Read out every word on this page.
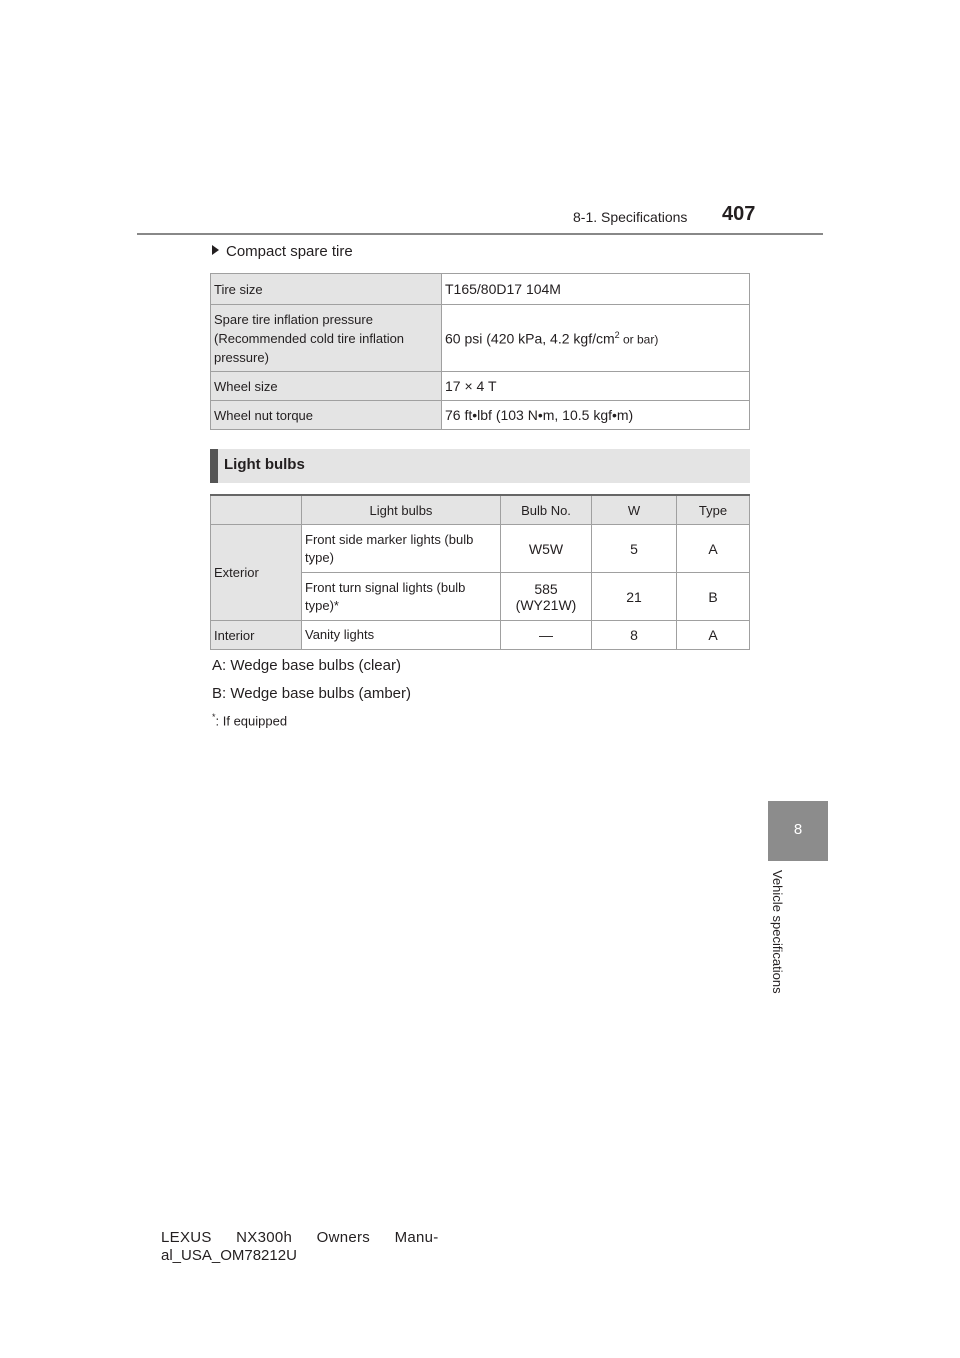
8-1. Specifications 407
Compact spare tire
Tire size	T165/80D17 104M
Spare tire inflation pressure (Recommended cold tire inflation pressure)	60 psi (420 kPa, 4.2 kgf/$cm^2$ or bar)
Wheel size	17 × 4 T
Wheel nut torque	76 ft•lbf (103 N•m, 10.5 kgf•m)
Light bulbs
	Light bulbs	Bulb No.	W	Type
Exterior	Front side marker lights (bulb type)	W5W	5	A
	Front turn signal lights (bulb type)*	585 (WY21W)	21	B
Interior	Vanity lights	—	8	A
A: Wedge base bulbs (clear)
B: Wedge base bulbs (amber)
*: If equipped
8
Vehicle specifications
LEXUS NX300h Owners Manu-
al_USA_OM78212U
